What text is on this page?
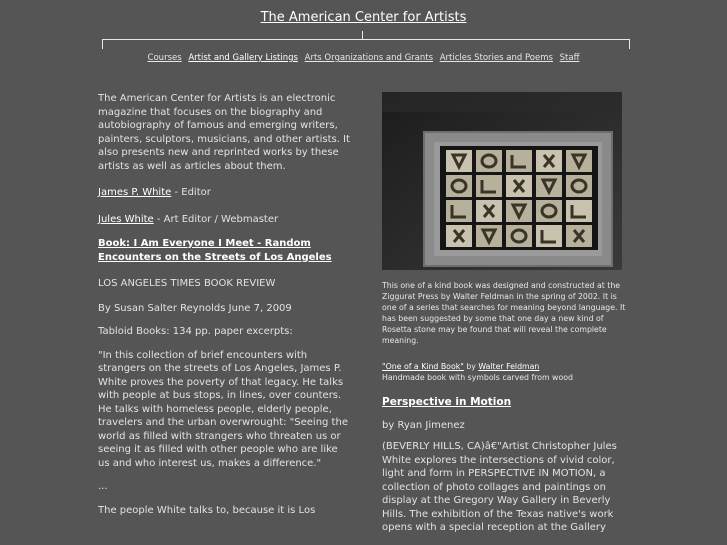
The American Center for Artists
Courses Artist and Gallery Listings Arts Organizations and Grants Articles Stories and Poems Staff

The American Center for Artists is an electronic magazine that focuses on the biography and autobiography of famous and emerging writers, painters, sculptors, musicians, and other artists. It also presents new and reprinted works by these artists as well as articles about them.

James P. White - Editor

Jules White - Art Editor / Webmaster

Book: I Am Everyone I Meet - Random Encounters on the Streets of Los Angeles

LOS ANGELES TIMES BOOK REVIEW

By Susan Salter Reynolds June 7, 2009

Tabloid Books: 134 pp. paper excerpts:

"In this collection of brief encounters with strangers on the streets of Los Angeles, James P. White proves the poverty of that legacy. He talks with people at bus stops, in lines, over counters. He talks with homeless people, elderly people, travelers and the urban overwrought: "Seeing the world as filled with strangers who threaten us or seeing it as filled with other people who are like us and who interest us, makes a difference."

...

The people White talks to, because it is Los

This one of a kind book was designed and constructed at the Ziggurat Press by Walter Feldman in the spring of 2002. It is one of a series that searches for meaning beyond language. It has been suggested by some that one day a new kind of Rosetta stone may be found that will reveal the complete meaning.
"One of a Kind Book" by Walter Feldman
Handmade book with symbols carved from wood
Perspective in Motion
by Ryan Jimenez
(BEVERLY HILLS, CA)â€"Artist Christopher Jules White explores the intersections of vivid color, light and form in PERSPECTIVE IN MOTION, a collection of photo collages and paintings on display at the Gregory Way Gallery in Beverly Hills. The exhibition of the Texas native's work opens with a special reception at the Gallery
